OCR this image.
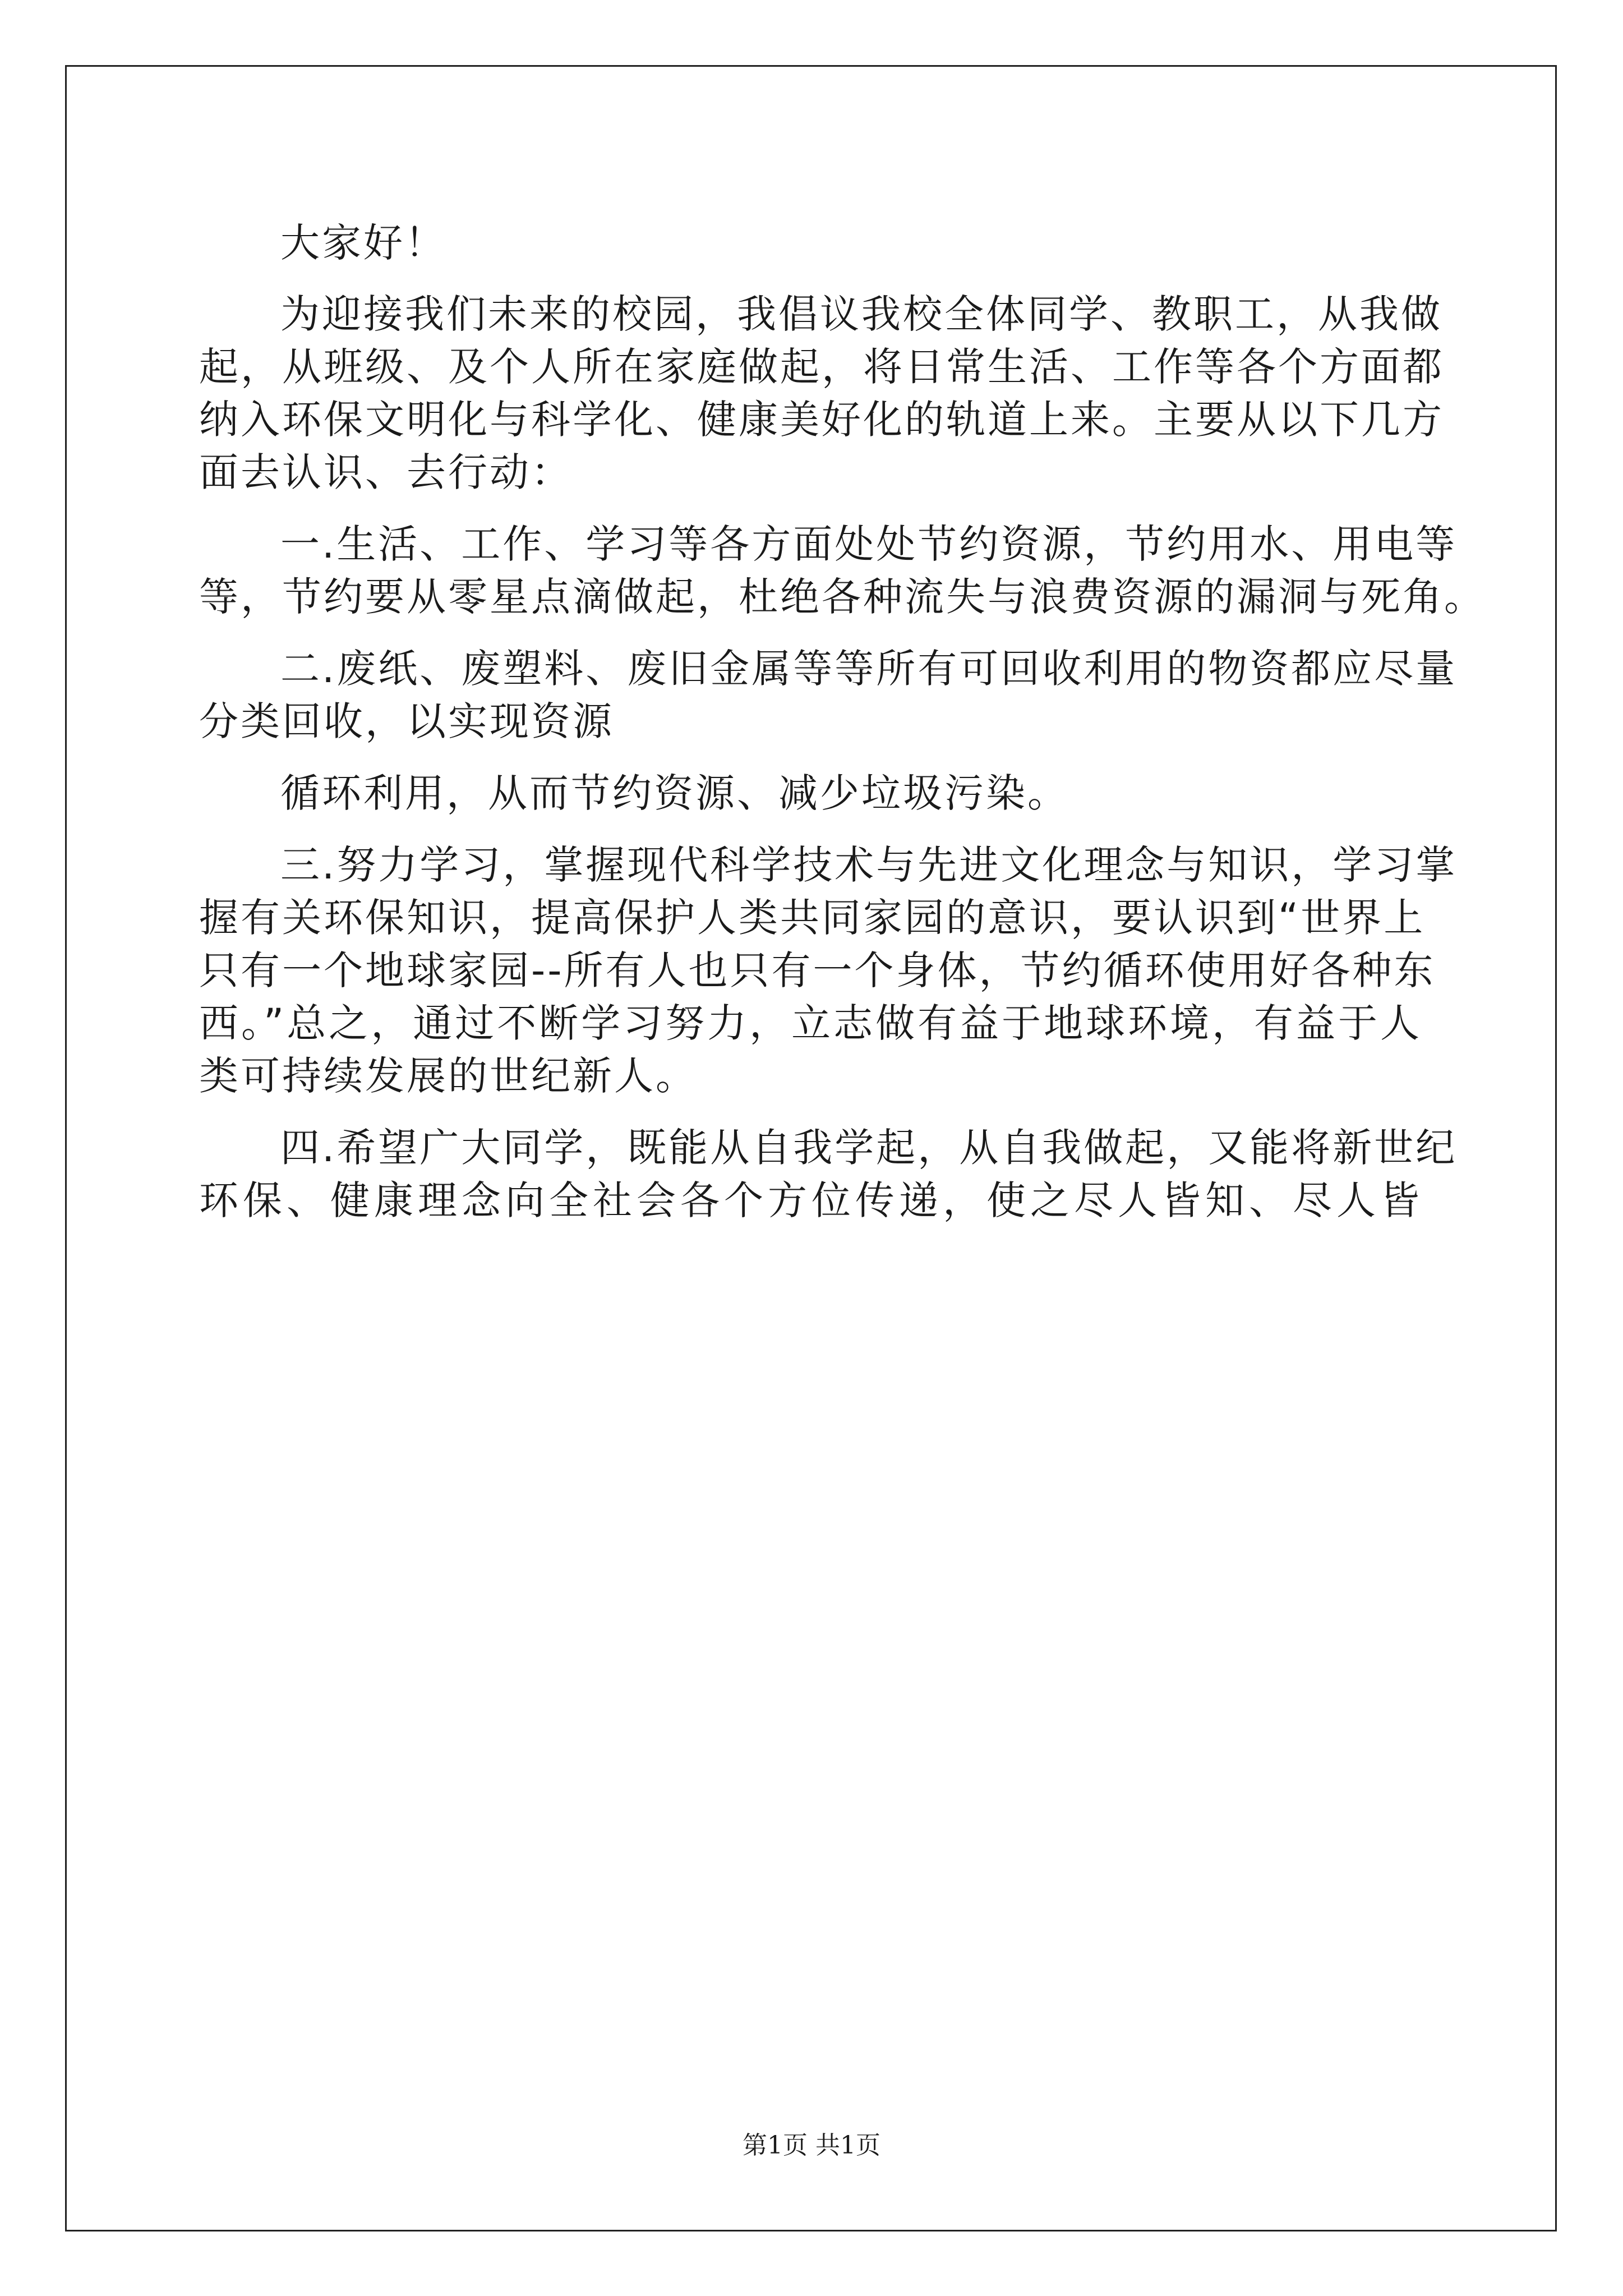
大家好！
为迎接我们未来的校园，我倡议我校全体同学、教职工，从我做
起，从班级、及个人所在家庭做起，将日常生活、工作等各个方面都
纳入环保文明化与科学化、健康美好化的轨道上来。主要从以下几方
面去认识、去行动：
一.生活、工作、学习等各方面处处节约资源，节约用水、用电等
等，节约要从零星点滴做起，杜绝各种流失与浪费资源的漏洞与死角。
二.废纸、废塑料、废旧金属等等所有可回收利用的物资都应尽量
分类回收，以实现资源
循环利用，从而节约资源、减少垃圾污染。
三.努力学习，掌握现代科学技术与先进文化理念与知识，学习掌
握有关环保知识，提高保护人类共同家园的意识，要认识到“世界上
只有一个地球家园--所有人也只有一个身体，节约循环使用好各种东
西。”总之，通过不断学习努力，立志做有益于地球环境，有益于人
类可持续发展的世纪新人。
四.希望广大同学，既能从自我学起，从自我做起，又能将新世纪
环保、健康理念向全社会各个方位传递，使之尽人皆知、尽人皆
第1页 共1页
